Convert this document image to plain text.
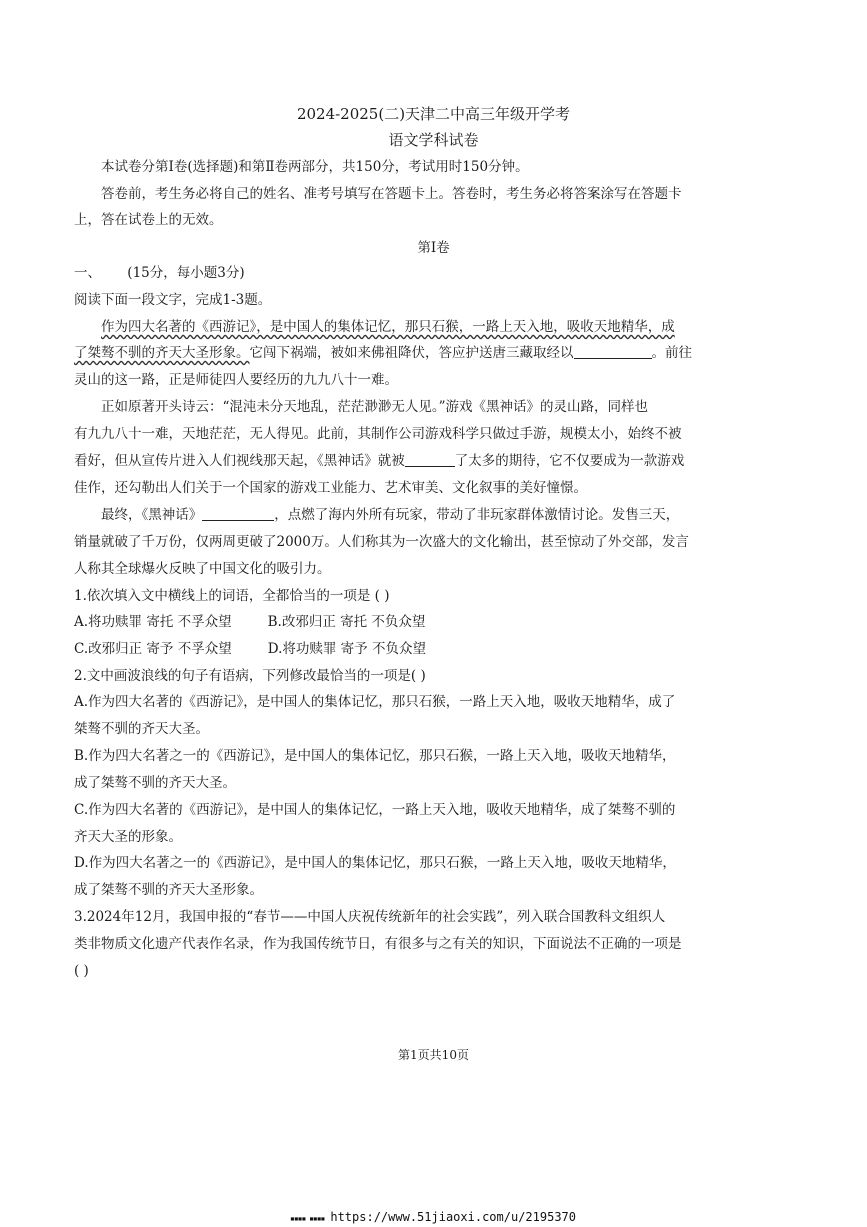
2024-2025(二)天津二中高三年级开学考
语文学科试卷
本试卷分第Ⅰ卷(选择题)和第Ⅱ卷两部分，共150分，考试用时150分钟。
答卷前，考生务必将自己的姓名、准考号填写在答题卡上。答卷时，考生务必将答案涂写在答题卡
上，答在试卷上的无效。
第Ⅰ卷
一、 (15分，每小题3分)
阅读下面一段文字，完成1-3题。
作为四大名著的《西游记》，是中国人的集体记忆，那只石猴，一路上天入地，吸收天地精华，成
了桀骜不驯的齐天大圣形象。它闯下祸端，被如来佛祖降伏，答应护送唐三藏取经以	。前往
灵山的这一路，正是师徒四人要经历的九九八十一难。
正如原著开头诗云：“混沌未分天地乱，茫茫渺渺无人见。”游戏《黑神话》的灵山路，同样也
有九九八十一难，天地茫茫，无人得见。此前，其制作公司游戏科学只做过手游，规模太小，始终不被
看好，但从宣传片进入人们视线那天起，《黑神话》就被	了太多的期待，它不仅要成为一款游戏
佳作，还勾勒出人们关于一个国家的游戏工业能力、艺术审美、文化叙事的美好憧憬。
最终，《黑神话》	，点燃了海内外所有玩家，带动了非玩家群体激情讨论。发售三天，
销量就破了千万份，仅两周更破了2000万。人们称其为一次盛大的文化输出，甚至惊动了外交部，发言
人称其全球爆火反映了中国文化的吸引力。
1.依次填入文中横线上的词语，全都恰当的一项是 ( )
A.将功赎罪 寄托 不孚众望	B.改邪归正 寄托 不负众望
C.改邪归正 寄予 不孚众望	D.将功赎罪 寄予 不负众望
2.文中画波浪线的句子有语病，下列修改最恰当的一项是( )
A.作为四大名著的《西游记》，是中国人的集体记忆，那只石猴，一路上天入地，吸收天地精华，成了
桀骜不驯的齐天大圣。
B.作为四大名著之一的《西游记》，是中国人的集体记忆，那只石猴，一路上天入地，吸收天地精华，
成了桀骜不驯的齐天大圣。
C.作为四大名著的《西游记》，是中国人的集体记忆，一路上天入地，吸收天地精华，成了桀骜不驯的
齐天大圣的形象。
D.作为四大名著之一的《西游记》，是中国人的集体记忆，那只石猴，一路上天入地，吸收天地精华，
成了桀骜不驯的齐天大圣形象。
3.2024年12月，我国申报的“春节——中国人庆祝传统新年的社会实践”，列入联合国教科文组织人
类非物质文化遗产代表作名录，作为我国传统节日，有很多与之有关的知识，下面说法不正确的一项是
( )
第1页共10页
▪▪▪▪ ▪▪▪▪ https://www.51jiaoxi.com/u/2195370
